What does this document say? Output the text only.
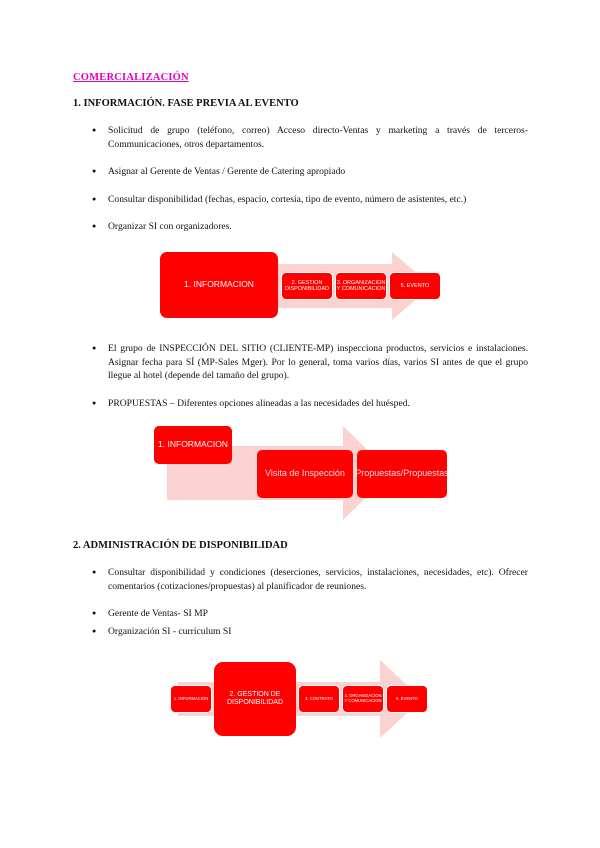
COMERCIALIZACIÓN
1. INFORMACIÓN. FASE PREVIA AL EVENTO

● Solicitud de grupo (teléfono, correo) Acceso directo-Ventas y marketing a través de terceros-Communicaciones, otros departamentos.

● Asignar al Gerente de Ventas / Gerente de Catering apropiado

● Consultar disponibilidad (fechas, espacio, cortesía, tipo de evento, número de asistentes, etc.)

● Organizar SI con organizadores.

1. INFORMACION	2. GESTION DISPONIBILIDAD
3. ORGANIZACION Y COMUNICACION
5. EVENTO

● El grupo de INSPECCIÓN DEL SITIO (CLIENTE-MP) inspecciona productos, servicios e instalaciones. Asignar fecha para SÍ (MP-Sales Mger). Por lo general, toma varios días, varios SI antes de que el grupo llegue al hotel (depende del tamaño del grupo).

● PROPUESTAS – Diferentes opciones alineadas a las necesidades del huésped.

1. INFORMACION
Visita de Inspección	Propuestas/Propuestas
2. ADMINISTRACIÓN DE DISPONIBILIDAD

● Consultar disponibilidad y condiciones (deserciones, servicios, instalaciones, necesidades, etc). Ofrecer comentarios (cotizaciones/propuestas) al planificador de reuniones.

● Gerente de Ventas- SI MP

● Organización SI - currículum SI

1. INFORMACION	2. GESTION DE DISPONIBILIDAD
3. CONTRATO	4. ORGANIZACION Y COMUNICACION	5. EVENTO
